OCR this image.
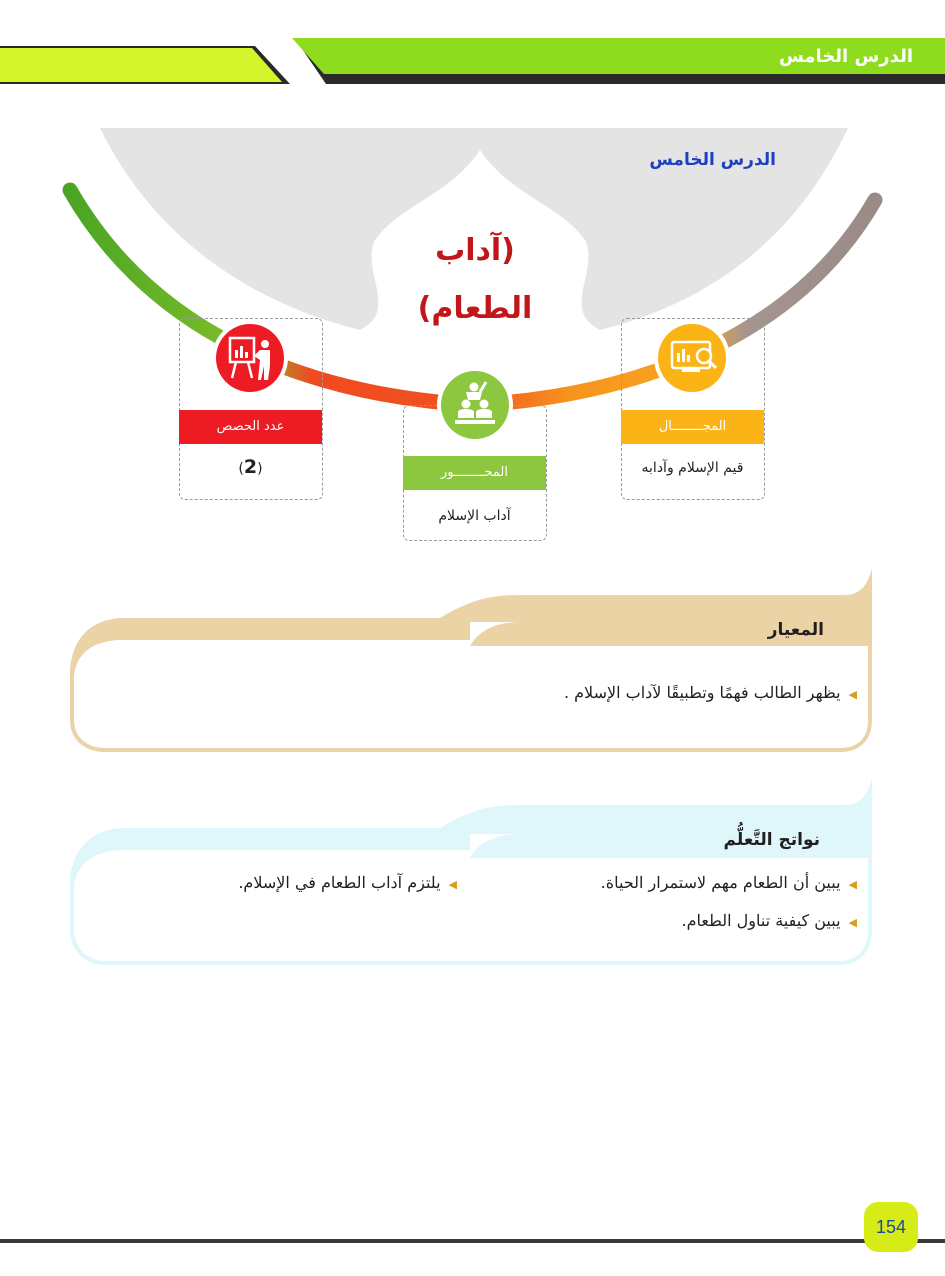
الدرس الخامس
الدرس الخامس
(آداب
الطعام)
عدد الحصص
(2)	المحــــــــور
آداب الإسلام
المجــــــــال
قيم الإسلام وآدابه
المعيار
◀يظهر الطالب فهمًا وتطبيقًا لآداب الإسلام .
نواتج التَّعلُّم
◀يبين أن الطعام مهم لاستمرار الحياة.
◀يبين كيفية تناول الطعام.
◀يلتزم آداب الطعام في الإسلام.
154
